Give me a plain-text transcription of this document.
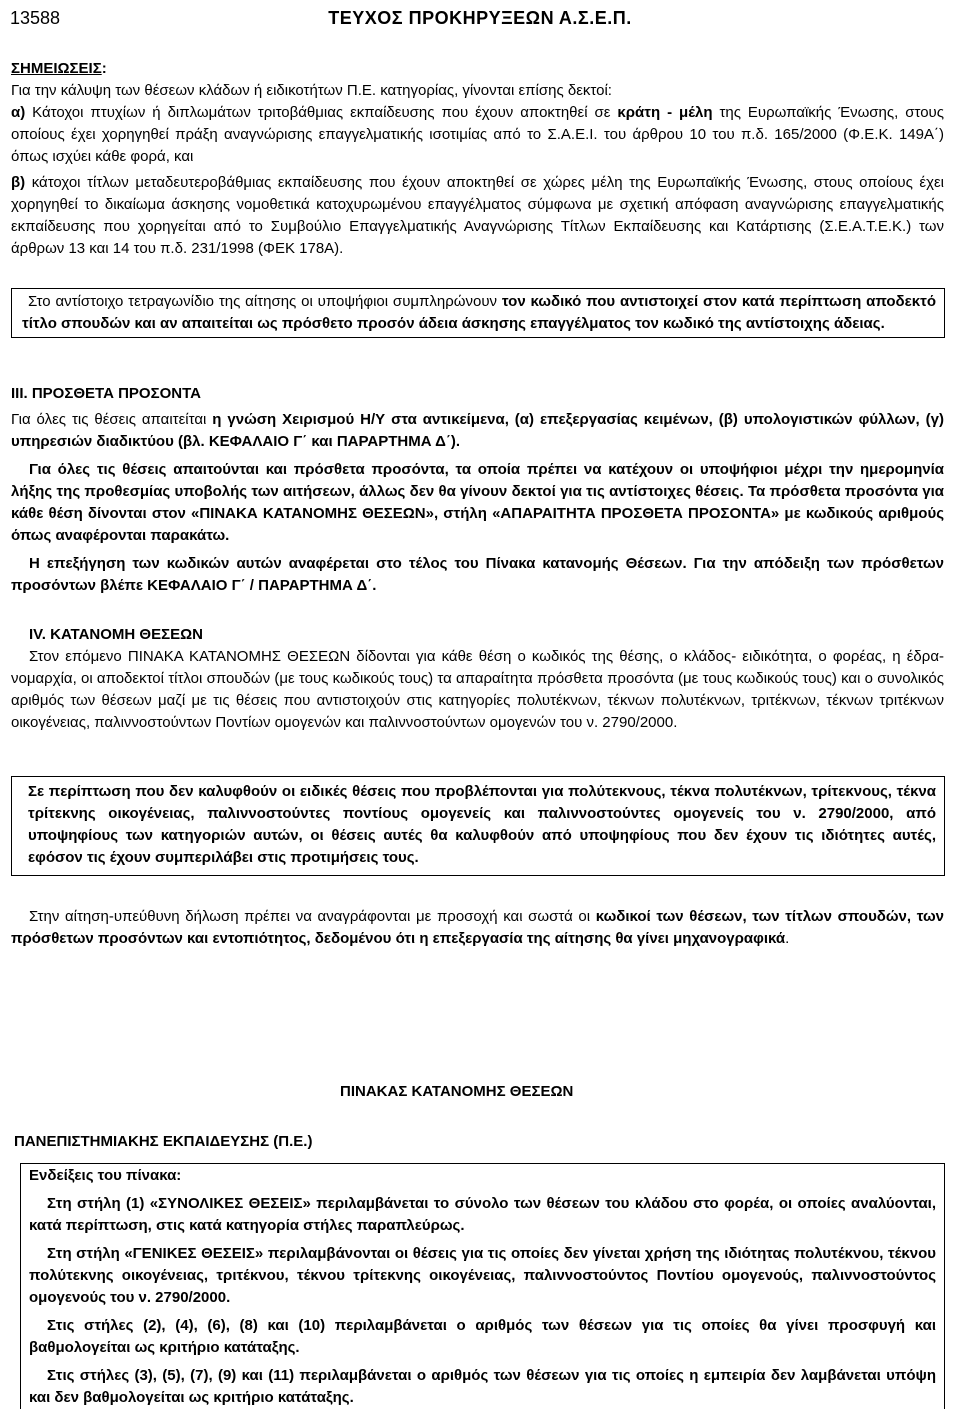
13588	ΤΕΥΧΟΣ ΠΡΟΚΗΡΥΞΕΩΝ Α.Σ.Ε.Π.
ΣΗΜΕΙΩΣΕΙΣ:

Για την κάλυψη των θέσεων κλάδων ή ειδικοτήτων Π.Ε. κατηγορίας, γίνονται επίσης δεκτοί:

α) Κάτοχοι πτυχίων ή διπλωμάτων τριτοβάθμιας εκπαίδευσης που έχουν αποκτηθεί σε κράτη - μέλη της Ευρωπαϊκής Ένωσης, στους οποίους έχει χορηγηθεί πράξη αναγνώρισης επαγγελματικής ισοτιμίας από το Σ.Α.Ε.Ι. του άρθρου 10 του π.δ. 165/2000 (Φ.Ε.Κ. 149Α΄) όπως ισχύει κάθε φορά, και

β) κάτοχοι τίτλων μεταδευτεροβάθμιας εκπαίδευσης που έχουν αποκτηθεί σε χώρες μέλη της Ευρωπαϊκής Ένωσης, στους οποίους έχει χορηγηθεί το δικαίωμα άσκησης νομοθετικά κατοχυρωμένου επαγγέλματος σύμφωνα με σχετική απόφαση αναγνώρισης επαγγελματικής εκπαίδευσης που χορηγείται από το Συμβούλιο Επαγγελματικής Αναγνώρισης Τίτλων Εκπαίδευσης και Κατάρτισης (Σ.Ε.Α.Τ.Ε.Κ.) των άρθρων 13 και 14 του π.δ. 231/1998 (ΦΕΚ 178Α).

Στο αντίστοιχο τετραγωνίδιο της αίτησης οι υποψήφιοι συμπληρώνουν τον κωδικό που αντιστοιχεί στον κατά περίπτωση αποδεκτό τίτλο σπουδών και αν απαιτείται ως πρόσθετο προσόν άδεια άσκησης επαγγέλματος τον κωδικό της αντίστοιχης άδειας.

ΙΙΙ. ΠΡΟΣΘΕΤΑ ΠΡΟΣΟΝΤΑ

Για όλες τις θέσεις απαιτείται η γνώση Χειρισμού Η/Υ στα αντικείμενα, (α) επεξεργασίας κειμένων, (β) υπολογιστικών φύλλων, (γ) υπηρεσιών διαδικτύου (βλ. ΚΕΦΑΛΑΙΟ Γ΄ και ΠΑΡΑΡΤΗΜΑ Δ΄).

Για όλες τις θέσεις απαιτούνται και πρόσθετα προσόντα, τα οποία πρέπει να κατέχουν οι υποψήφιοι μέχρι την ημερομηνία λήξης της προθεσμίας υποβολής των αιτήσεων, άλλως δεν θα γίνουν δεκτοί για τις αντίστοιχες θέσεις. Τα πρόσθετα προσόντα για κάθε θέση δίνονται στον «ΠΙΝΑΚΑ ΚΑΤΑΝΟΜΗΣ ΘΕΣΕΩΝ», στήλη «ΑΠΑΡΑΙΤΗΤΑ ΠΡΟΣΘΕΤΑ ΠΡΟΣΟΝΤΑ» με κωδικούς αριθμούς όπως αναφέρονται παρακάτω.

Η επεξήγηση των κωδικών αυτών αναφέρεται στο τέλος του Πίνακα κατανομής Θέσεων. Για την απόδειξη των πρόσθετων προσόντων βλέπε ΚΕΦΑΛΑΙΟ Γ΄ / ΠΑΡΑΡΤΗΜΑ Δ΄.

IV. ΚΑΤΑΝΟΜΗ ΘΕΣΕΩΝ

Στον επόμενο ΠΙΝΑΚΑ ΚΑΤΑΝΟΜΗΣ ΘΕΣΕΩΝ δίδονται για κάθε θέση ο κωδικός της θέσης, ο κλάδος- ειδικότητα, ο φορέας, η έδρα- νομαρχία, οι αποδεκτοί τίτλοι σπουδών (με τους κωδικούς τους) τα απαραίτητα πρόσθετα προσόντα (με τους κωδικούς τους) και ο συνολικός αριθμός των θέσεων μαζί με τις θέσεις που αντιστοιχούν στις κατηγορίες πολυτέκνων, τέκνων πολυτέκνων, τριτέκνων, τέκνων τριτέκνων οικογένειας, παλιννοστούντων Ποντίων ομογενών και παλιννοστούντων ομογενών του ν. 2790/2000.

Σε περίπτωση που δεν καλυφθούν οι ειδικές θέσεις που προβλέπονται για πολύτεκνους, τέκνα πολυτέκνων, τρίτεκνους, τέκνα τρίτεκνης οικογένειας, παλιννοστούντες ποντίους ομογενείς και παλιννοστούντες ομογενείς του ν. 2790/2000, από υποψηφίους των κατηγοριών αυτών, οι θέσεις αυτές θα καλυφθούν από υποψηφίους που δεν έχουν τις ιδιότητες αυτές, εφόσον τις έχουν συμπεριλάβει στις προτιμήσεις τους.

Στην αίτηση-υπεύθυνη δήλωση πρέπει να αναγράφονται με προσοχή και σωστά οι κωδικοί των θέσεων, των τίτλων σπουδών, των πρόσθετων προσόντων και εντοπιότητος, δεδομένου ότι η επεξεργασία της αίτησης θα γίνει μηχανογραφικά.

ΠΙΝΑΚΑΣ ΚΑΤΑΝΟΜΗΣ ΘΕΣΕΩΝ
ΠΑΝΕΠΙΣΤΗΜΙΑΚΗΣ ΕΚΠΑΙΔΕΥΣΗΣ (Π.Ε.)

Ενδείξεις του πίνακα:

Στη στήλη (1) «ΣΥΝΟΛΙΚΕΣ ΘΕΣΕΙΣ» περιλαμβάνεται το σύνολο των θέσεων του κλάδου στο φορέα, οι οποίες αναλύονται, κατά περίπτωση, στις κατά κατηγορία στήλες παραπλεύρως.

Στη στήλη «ΓΕΝΙΚΕΣ ΘΕΣΕΙΣ» περιλαμβάνονται οι θέσεις για τις οποίες δεν γίνεται χρήση της ιδιότητας πολυτέκνου, τέκνου πολύτεκνης οικογένειας, τριτέκνου, τέκνου τρίτεκνης οικογένειας, παλιννοστούντος Ποντίου ομογενούς, παλιννοστούντος ομογενούς του ν. 2790/2000.

Στις στήλες (2), (4), (6), (8) και (10) περιλαμβάνεται ο αριθμός των θέσεων για τις οποίες θα γίνει προσφυγή και βαθμολογείται ως κριτήριο κατάταξης.

Στις στήλες (3), (5), (7), (9) και (11) περιλαμβάνεται ο αριθμός των θέσεων για τις οποίες η εμπειρία δεν λαμβάνεται υπόψη και δεν βαθμολογείται ως κριτήριο κατάταξης.
